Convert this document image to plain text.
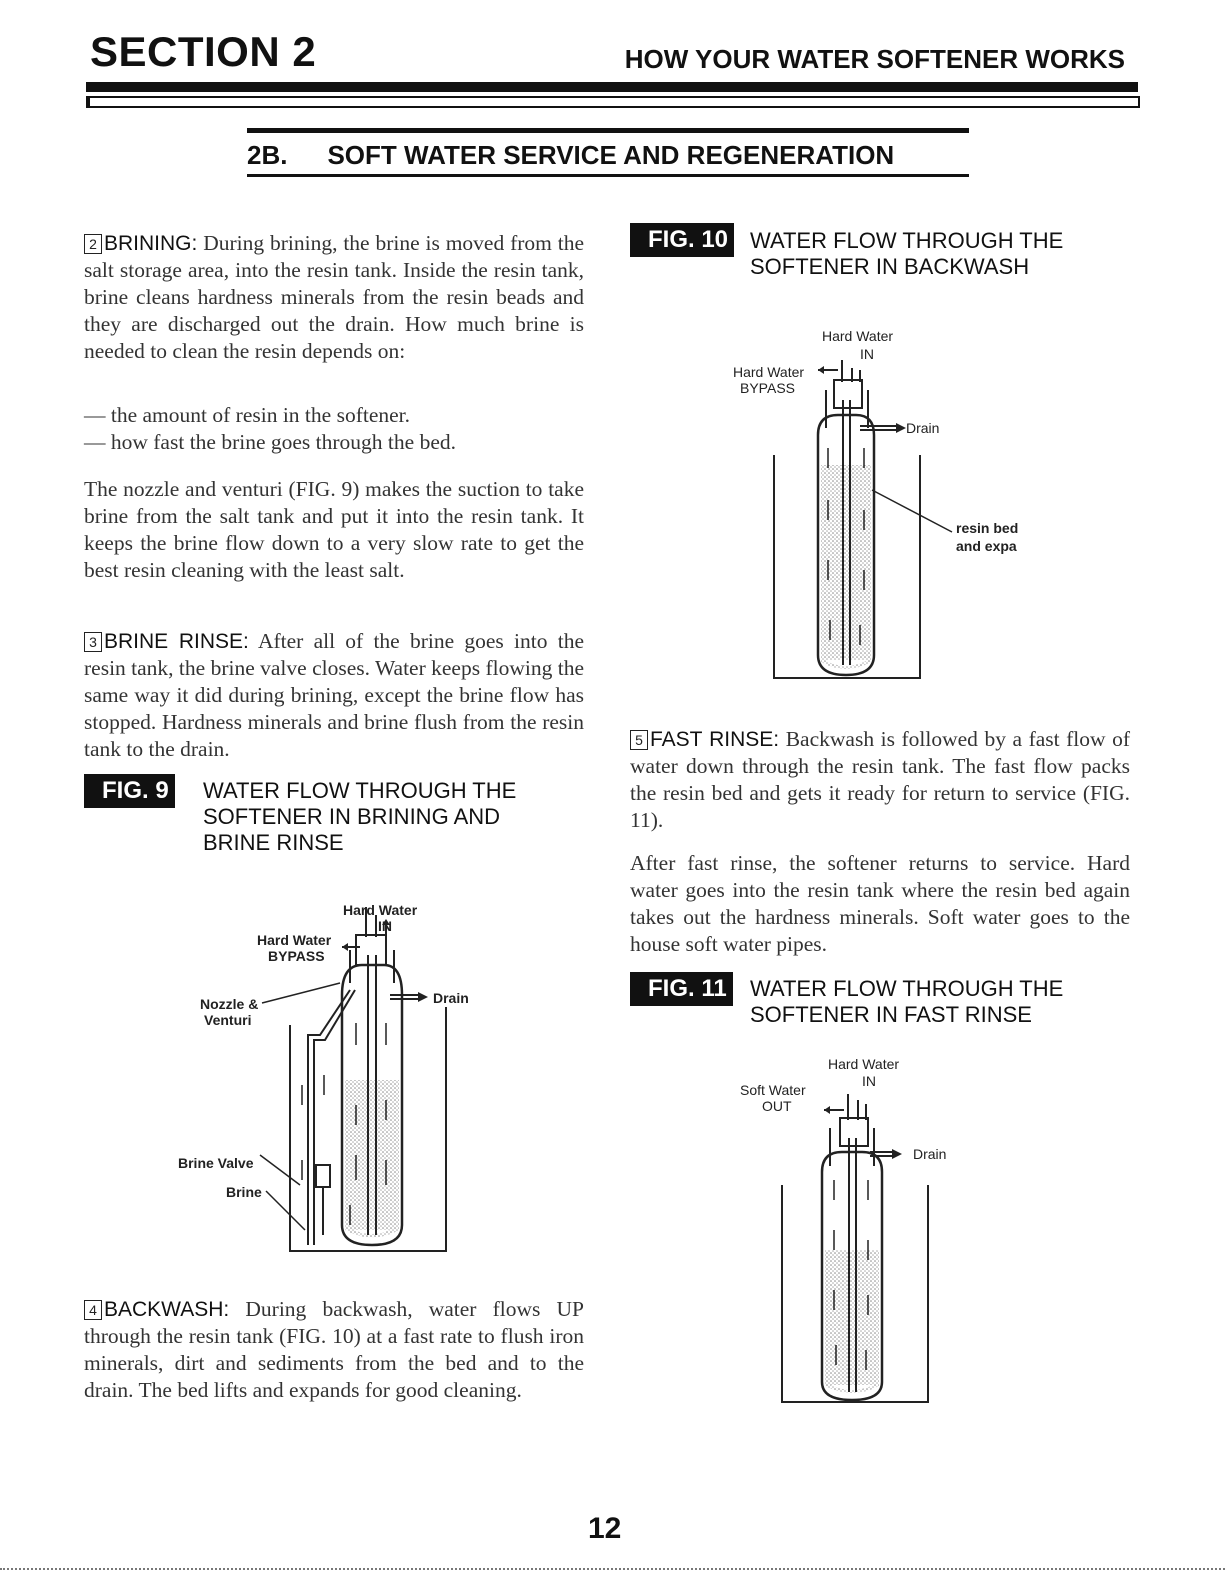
SECTION 2	HOW YOUR WATER SOFTENER WORKS
2B. SOFT WATER SERVICE AND REGENERATION
2 BRINING: During brining, the brine is moved from the salt storage area, into the resin tank. Inside the resin tank, brine cleans hardness minerals from the resin beads and they are discharged out the drain. How much brine is needed to clean the resin depends on:
— the amount of resin in the softener.
— how fast the brine goes through the bed.
The nozzle and venturi (FIG. 9) makes the suction to take brine from the salt tank and put it into the resin tank. It keeps the brine flow down to a very slow rate to get the best resin cleaning with the least salt.
3 BRINE RINSE: After all of the brine goes into the resin tank, the brine valve closes. Water keeps flowing the same way it did during brining, except the brine flow has stopped. Hardness minerals and brine flush from the resin tank to the drain.
FIG. 9 WATER FLOW THROUGH THE
SOFTENER IN BRINING AND
BRINE RINSE
Hard Water
IN
Hard Water
BYPASS
Nozzle &
Venturi
Drain
Brine Valve
Brine
4 BACKWASH: During backwash, water flows UP through the resin tank (FIG. 10) at a fast rate to flush iron minerals, dirt and sediments from the bed and to the drain. The bed lifts and expands for good cleaning.
FIG. 10 WATER FLOW THROUGH THE
SOFTENER IN BACKWASH
Hard Water
IN
Hard Water
BYPASS
Drain
resin bed
and expa
5 FAST RINSE: Backwash is followed by a fast flow of water down through the resin tank. The fast flow packs the resin bed and gets it ready for return to service (FIG. 11).
After fast rinse, the softener returns to service. Hard water goes into the resin tank where the resin bed again takes out the hardness minerals. Soft water goes to the house soft water pipes.
FIG. 11 WATER FLOW THROUGH THE
SOFTENER IN FAST RINSE
Hard Water
IN
Soft Water
OUT
Drain
12
